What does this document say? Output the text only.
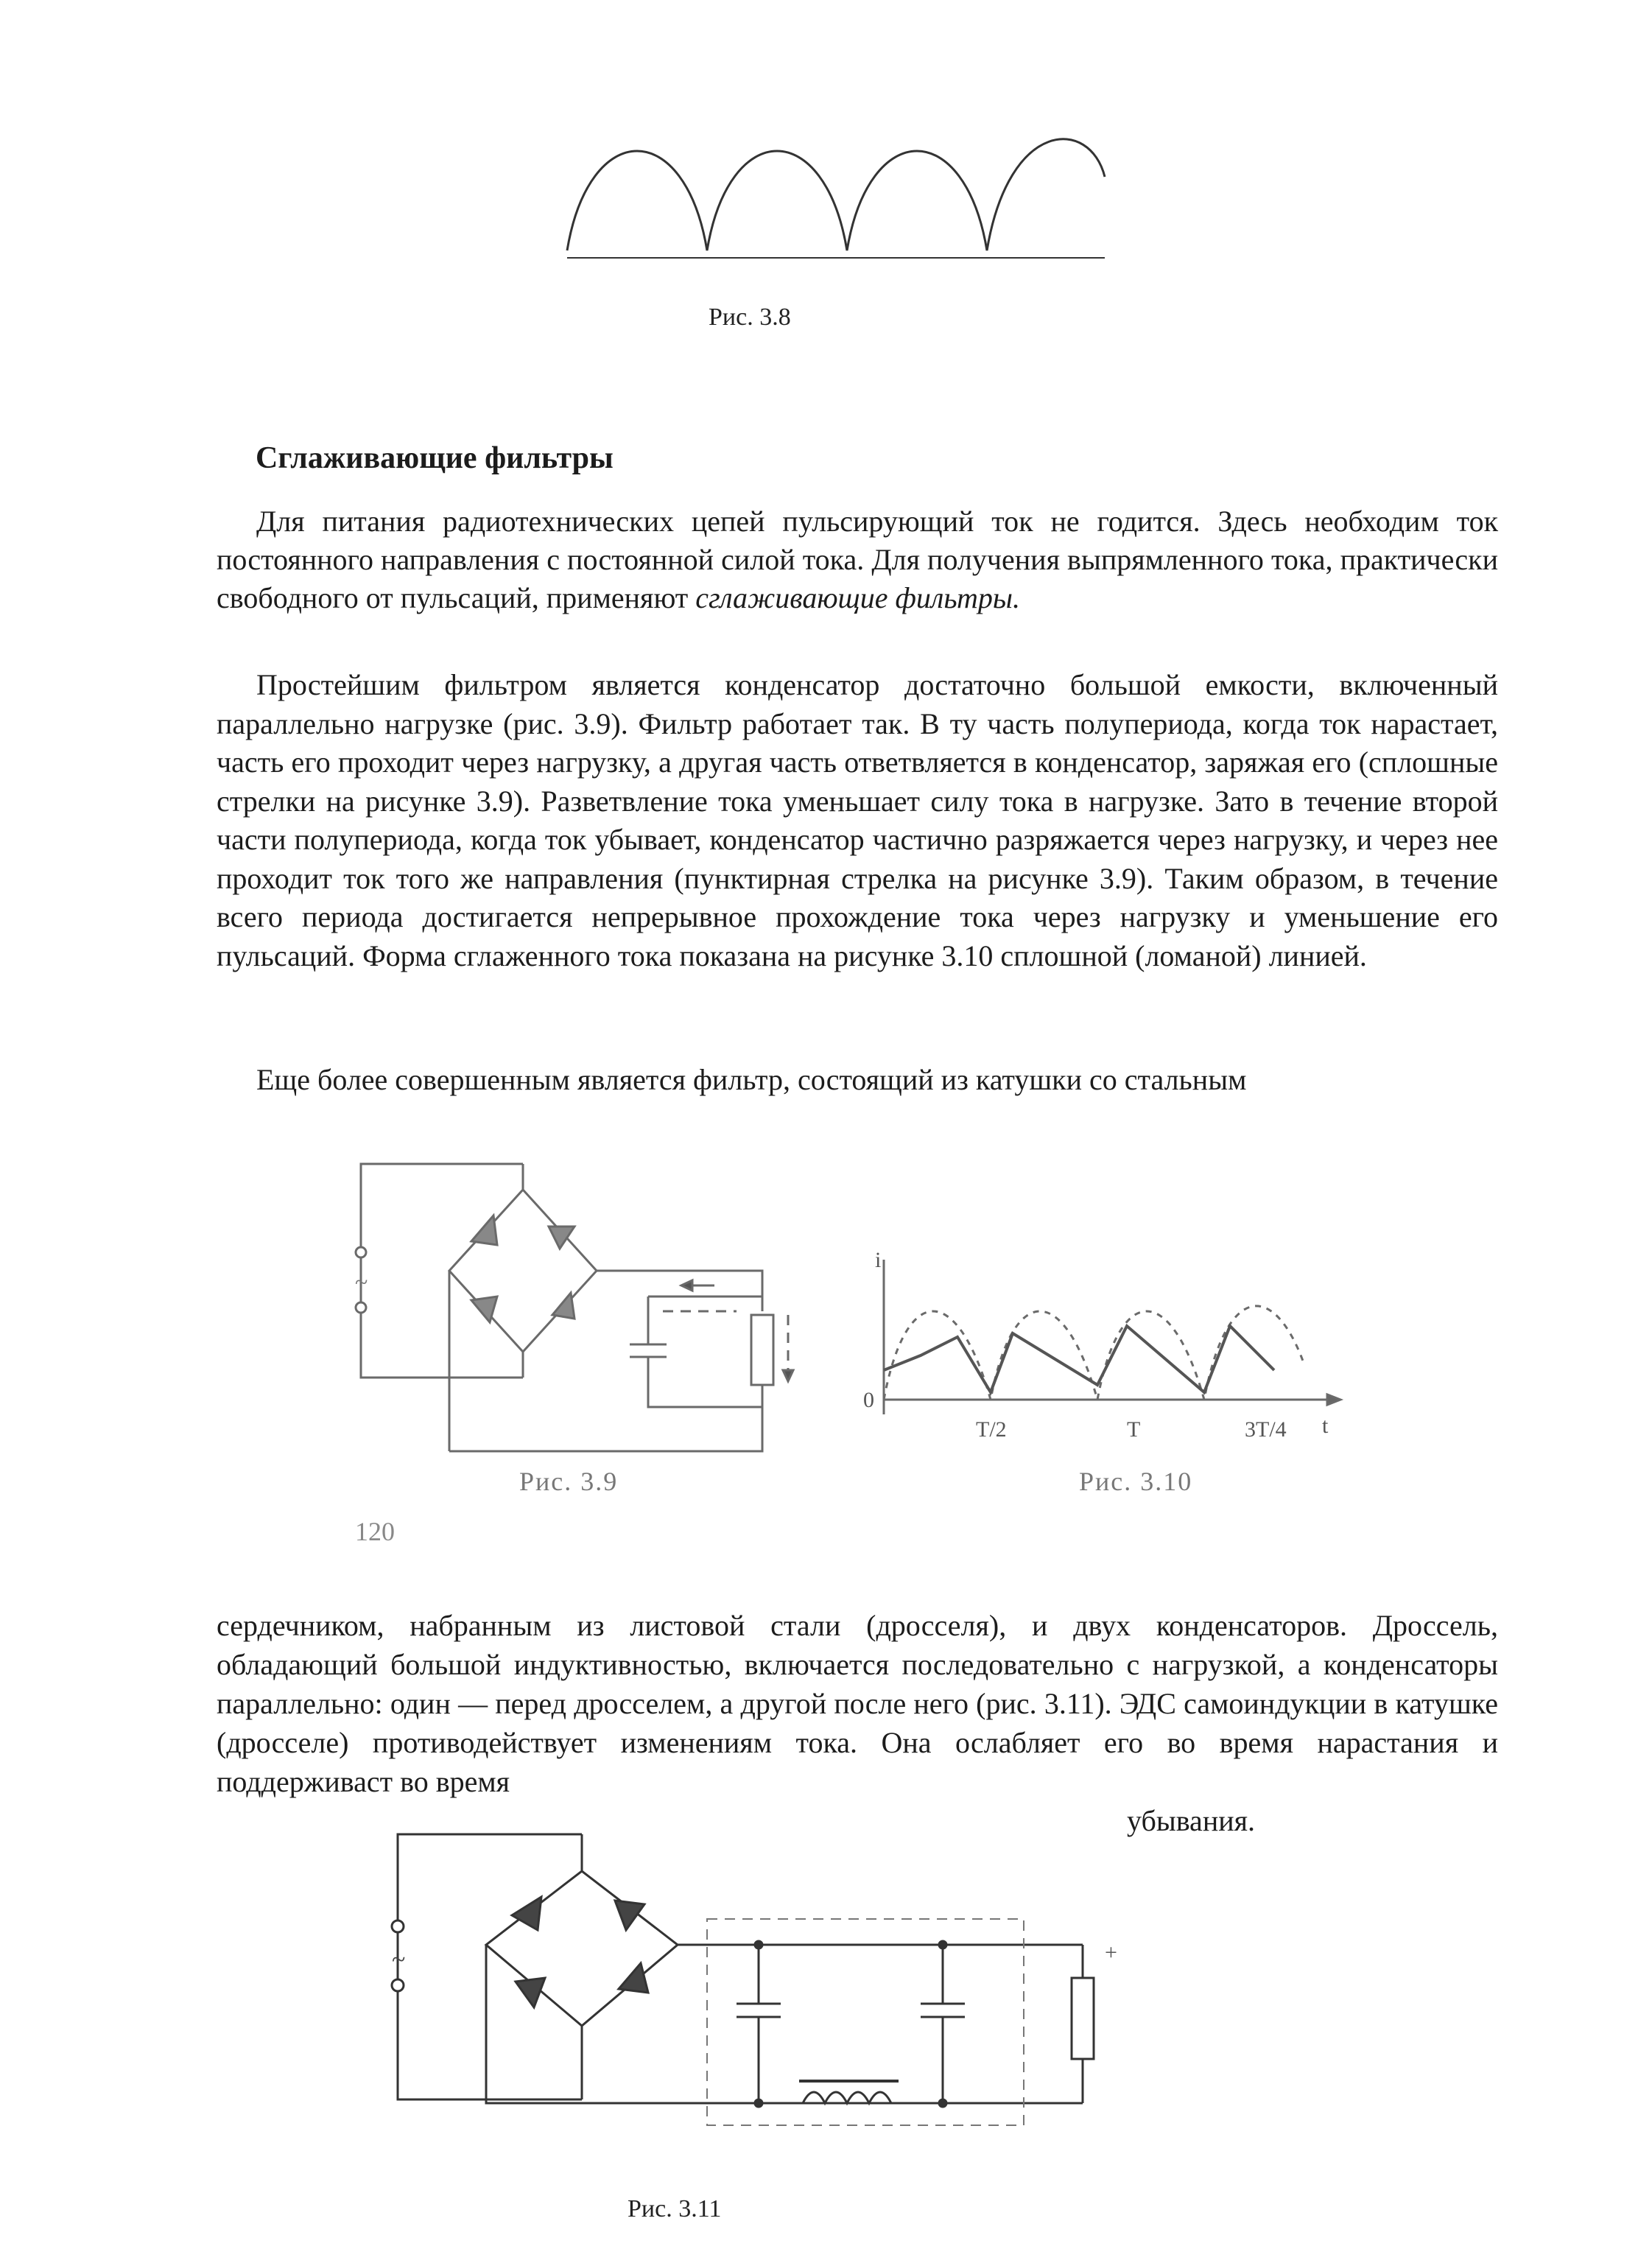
Рис. 3.8
Сглаживающие фильтры

Для питания радиотехнических цепей пульсирующий ток не годится. Здесь необходим ток постоянного направления с постоянной силой тока. Для получения выпрямленного тока, практически свободного от пульсаций, применяют сглаживающие фильтры.

Простейшим фильтром является конденсатор достаточно большой емкости, включенный параллельно нагрузке (рис. 3.9). Фильтр работает так. В ту часть полупериода, когда ток нарастает, часть его проходит через нагрузку, а другая часть ответвляется в конденсатор, заряжая его (сплошные стрелки на рисунке 3.9). Разветвление тока уменьшает силу тока в нагрузке. Зато в течение второй части полупериода, когда ток убывает, конденсатор частично разряжается через нагрузку, и через нее проходит ток того же направления (пунктирная стрелка на рисунке 3.9). Таким образом, в течение всего периода достигается непрерывное прохождение тока через нагрузку и уменьшение его пульсаций. Форма сглаженного тока показана на рисунке 3.10 сплошной (ломаной) линией.

Еще более совершенным является фильтр, состоящий из катушки со стальным

Рис. 3.9
i
0
t
T/2	T	3T/4
Рис. 3.10
120

сердечником, набранным из листовой стали (дросселя), и двух конденсаторов. Дроссель, обладающий большой индуктивностью, включается последовательно с нагрузкой, а конденсаторы параллельно: один — перед дросселем, а другой после него (рис. 3.11). ЭДС самоиндукции в катушке (дросселе) противодействует изменениям тока. Она ослабляет его во время нарастания и поддерживаст во время

убывания.
+
Рис. 3.11
~
~
